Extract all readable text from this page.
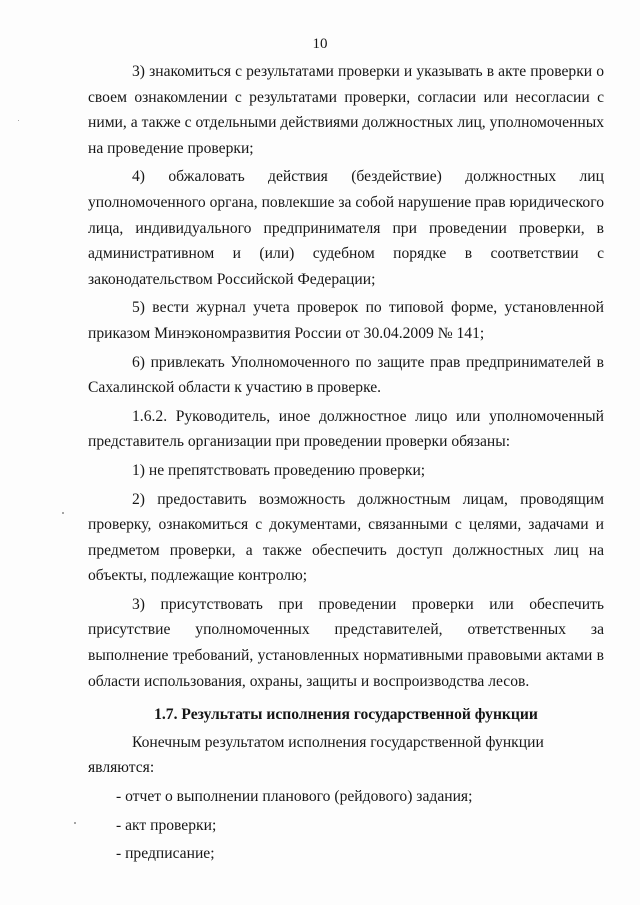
10

3) знакомиться с результатами проверки и указывать в акте проверки о своем ознакомлении с результатами проверки, согласии или несогласии с ними, а также с отдельными действиями должностных лиц, уполномоченных на проведение проверки;

4) обжаловать действия (бездействие) должностных лиц уполномоченного органа, повлекшие за собой нарушение прав юридического лица, индивидуального предпринимателя при проведении проверки, в административном и (или) судебном порядке в соответствии с законодательством Российской Федерации;

5) вести журнал учета проверок по типовой форме, установленной приказом Минэкономразвития России от 30.04.2009 № 141;

6) привлекать Уполномоченного по защите прав предпринимателей в Сахалинской области к участию в проверке.

1.6.2. Руководитель, иное должностное лицо или уполномоченный представитель организации при проведении проверки обязаны:

1) не препятствовать проведению проверки;

2) предоставить возможность должностным лицам, проводящим проверку, ознакомиться с документами, связанными с целями, задачами и предметом проверки, а также обеспечить доступ должностных лиц на объекты, подлежащие контролю;

3) присутствовать при проведении проверки или обеспечить присутствие уполномоченных представителей, ответственных за выполнение требований, установленных нормативными правовыми актами в области использования, охраны, защиты и воспроизводства лесов.

1.7. Результаты исполнения государственной функции

Конечным результатом исполнения государственной функции являются:

- отчет о выполнении планового (рейдового) задания;

- акт проверки;

- предписание;
